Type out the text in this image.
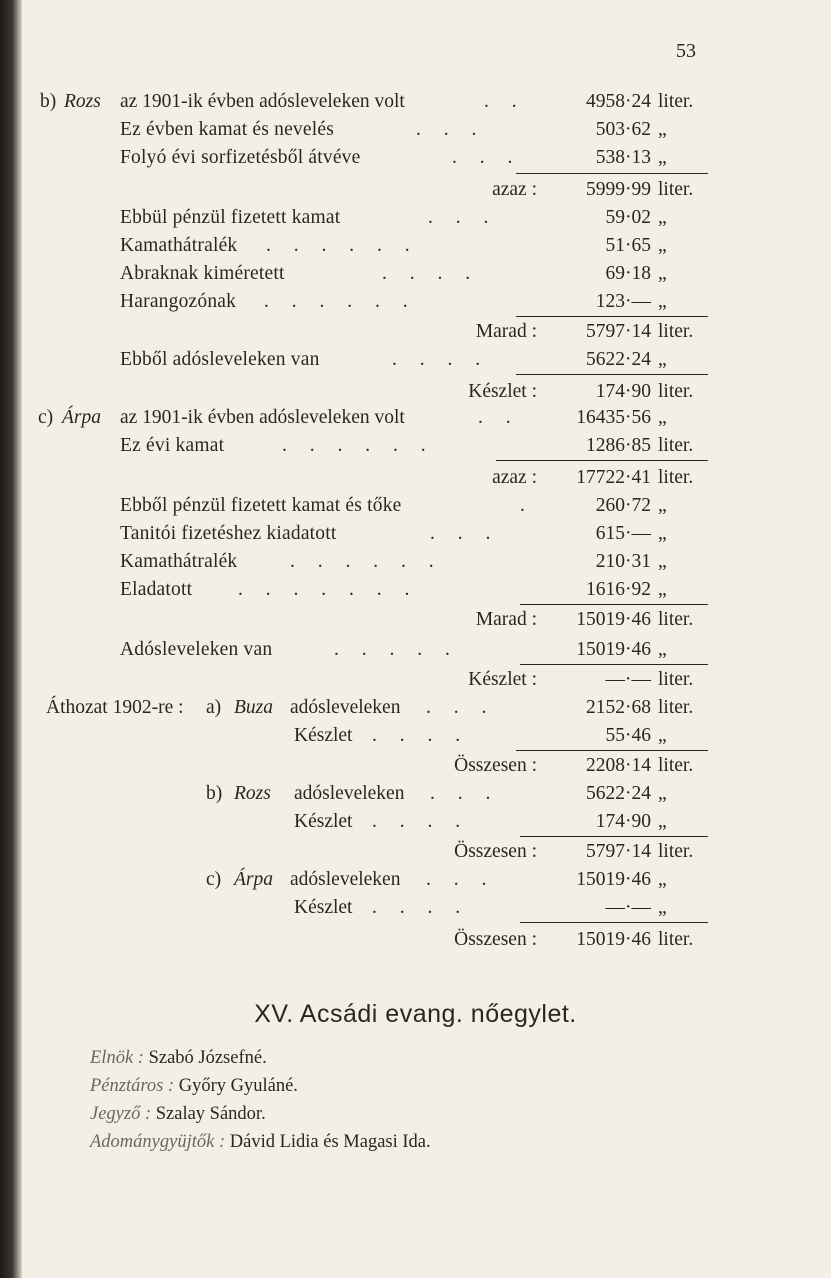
53
b) Rozs az 1901-ik évben adósleveleken volt	. .	4958·24 liter.
Ez évben kamat és nevelés	. . .	503·62 „
Folyó évi sorfizetésből átvéve	. . .	538·13 „
azaz :	5999·99 liter.
Ebbül pénzül fizetett kamat	. . .	59·02 „
Kamathátralék . . . . . .	51·65 „
Abraknak kiméretett	. . . .	69·18 „
Harangozónak . . . . . .	123·— „
Marad :	5797·14 liter.
Ebből adósleveleken van	. . . .	5622·24 „
Készlet :	174·90 liter.
c) Árpa az 1901-ik évben adósleveleken volt	. .	16435·56 „
Ez évi kamat	. . . . . .	1286·85 liter.
azaz : 17722·41 liter.
Ebből pénzül fizetett kamat és tőke	.	260·72 „
Tanitói fizetéshez kiadatott	. . .	615·— „
Kamathátralék	. . . . . .	210·31 „
Eladatott . . . . . . .	1616·92 „
Marad : 15019·46 liter.
Adósleveleken van	. . . . .	15019·46 „
Készlet :	—·— liter.
Áthozat 1902-re : a) Buza adósleveleken . . .	2152·68 liter.
Készlet . . . .	55·46 „
Összesen :	2208·14 liter.
b) Rozs adósleveleken . . .	5622·24 „
Készlet . . . .	174·90 „
Összesen :	5797·14 liter.
c) Árpa adósleveleken . . .	15019·46 „
Készlet . . . .	—·— „
Összesen : 15019·46 liter.
XV. Acsádi evang. nőegylet.
Elnök : Szabó Józsefné.
Pénztáros : Győry Gyuláné.
Jegyző : Szalay Sándor.
Adománygyüjtők : Dávid Lidia és Magasi Ida.
